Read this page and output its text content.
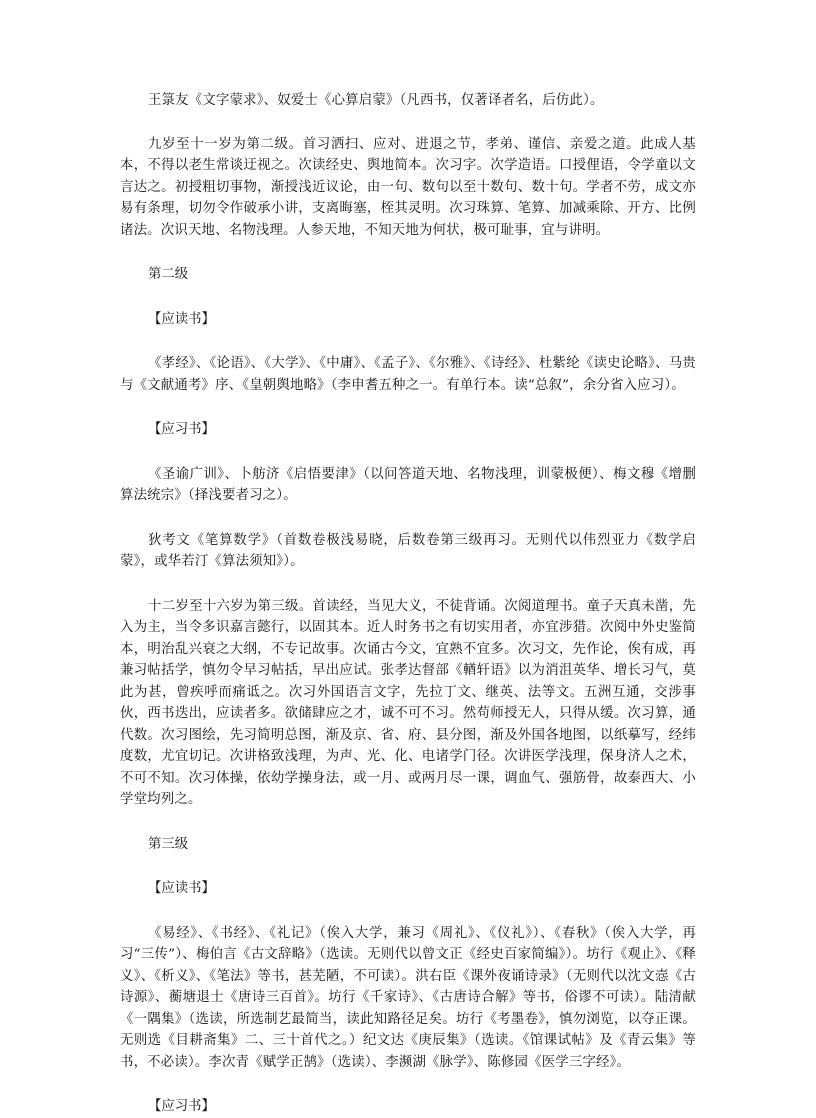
王箓友《文字蒙求》、奴爱士《心算启蒙》（凡西书，仅著译者名，后仿此）。

九岁至十一岁为第二级。首习洒扫、应对、进退之节，孝弟、谨信、亲爱之道。此成人基本，不得以老生常谈迂视之。次读经史、舆地简本。次习字。次学造语。口授俚语，令学童以文言达之。初授粗切事物，渐授浅近议论，由一句、数句以至十数句、数十句。学者不劳，成文亦易有条理，切勿令作破承小讲，支离晦塞，桎其灵明。次习珠算、笔算、加减乘除、开方、比例诸法。次识天地、名物浅理。人参天地，不知天地为何状，极可耻事，宜与讲明。

第二级

【应读书】

《孝经》、《论语》、《大学》、《中庸》、《孟子》、《尔雅》、《诗经》、杜紫纶《读史论略》、马贵与《文献通考》序、《皇朝舆地略》（李申耆五种之一。有单行本。读“总叙”，余分省入应习）。

【应习书】

《圣谕广训》、卜舫济《启悟要津》（以问答道天地、名物浅理，训蒙极便）、梅文穆《增删算法统宗》（择浅要者习之）。

狄考文《笔算数学》（首数卷极浅易晓，后数卷第三级再习。无则代以伟烈亚力《数学启蒙》，或华若汀《算法须知》）。

十二岁至十六岁为第三级。首读经，当见大义，不徒背诵。次阅道理书。童子天真未凿，先入为主，当令多识嘉言懿行，以固其本。近人时务书之有切实用者，亦宜涉猎。次阅中外史鉴简本，明治乱兴衰之大纲，不专记故事。次诵古今文，宜熟不宜多。次习文，先作论，俟有成，再兼习帖括学，慎勿令早习帖括，早出应试。张孝达督部《輶轩语》以为消沮英华、增长习气，莫此为甚，曾疾呼而痛诋之。次习外国语言文字，先拉丁文、继英、法等文。五洲互通，交涉事伙，西书迭出，应读者多。欲储肆应之才，诚不可不习。然苟师授无人，只得从缓。次习算，通代数。次习图绘，先习简明总图，渐及京、省、府、县分图，渐及外国各地图，以纸摹写，经纬度数，尤宜切记。次讲格致浅理，为声、光、化、电诸学门径。次讲医学浅理，保身济人之术，不可不知。次习体操，依幼学操身法，或一月、或两月尽一课，调血气、强筋骨，故泰西大、小学堂均列之。

第三级

【应读书】

《易经》、《书经》、《礼记》（俟入大学，兼习《周礼》、《仪礼》）、《春秋》（俟入大学，再习“三传”）、梅伯言《古文辞略》（选读。无则代以曾文正《经史百家简编》）。坊行《观止》、《释义》、《析义》、《笔法》等书，甚芜陋，不可读）。洪右臣《课外夜诵诗录》（无则代以沈文悫《古诗源》、蘅塘退士《唐诗三百首》。坊行《千家诗》、《古唐诗合解》等书，俗谬不可读）。陆清献《一隅集》（选读，所选制艺最简当，读此知路径足矣。坊行《考墨卷》，慎勿浏览，以夺正课。无则选《目耕斋集》二、三十首代之。）纪文达《庚辰集》（选读。《馆课试帖》及《青云集》等书，不必读）。李次青《赋学正鹄》（选读）、李濒湖《脉学》、陈修园《医学三字经》。

【应习书】
